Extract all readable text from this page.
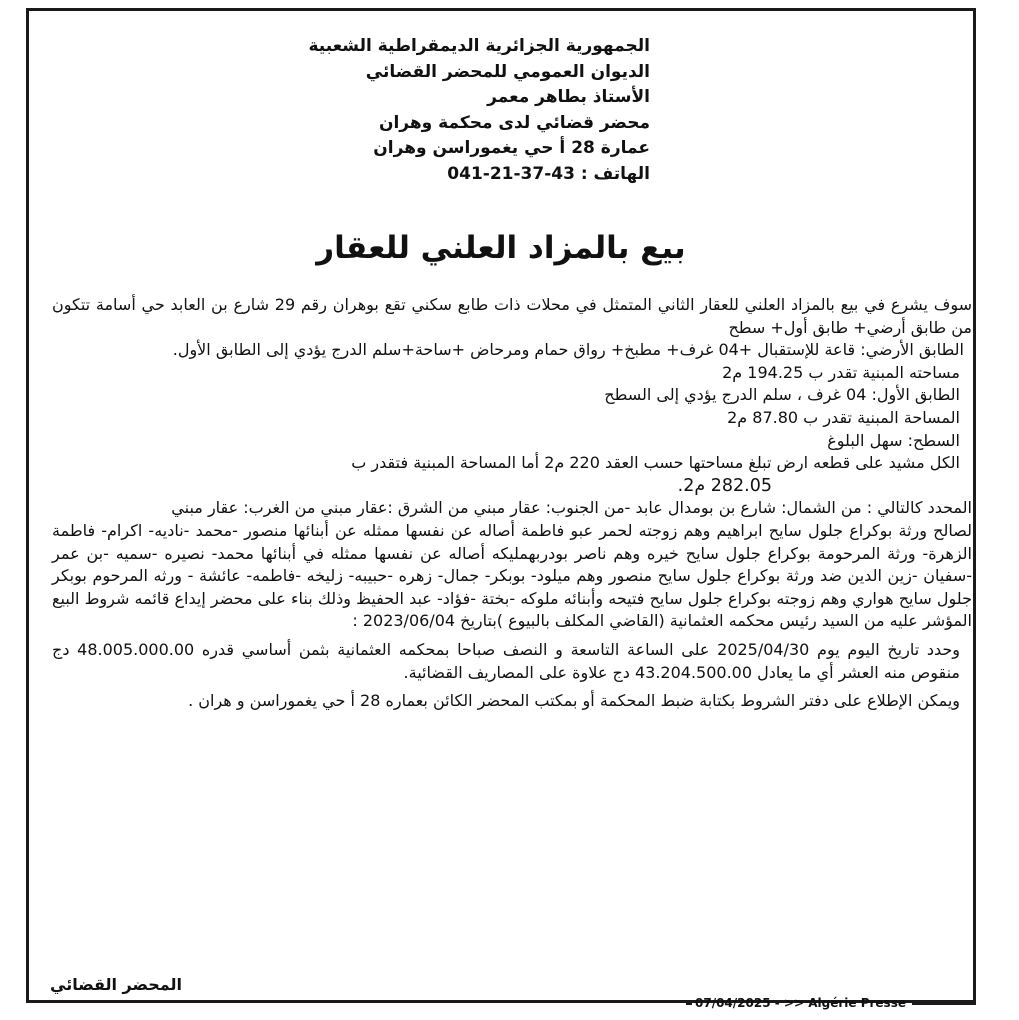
الجمهورية الجزائرية الديمقراطية الشعبية
الديوان العمومي للمحضر القضائي
الأستاذ بطاهر معمر
محضر قضائي لدى محكمة وهران
عمارة 28 أ حي يغموراسن وهران
الهاتف : 041-21-37-43
بيع بالمزاد العلني للعقار

سوف يشرع في بيع بالمزاد العلني للعقار الثاني المتمثل في محلات ذات طابع سكني تقع بوهران رقم 29 شارع بن العابد حي أسامة تتكون من طابق أرضي+ طابق أول+ سطح

الطابق الأرضي: قاعة للإستقبال +04 غرف+ مطبخ+ رواق حمام ومرحاض +ساحة+سلم الدرج يؤدي إلى الطابق الأول.

مساحته المبنية تقدر ب 194.25 م2

الطابق الأول: 04 غرف ، سلم الدرج يؤدي إلى السطح

المساحة المبنية تقدر ب 87.80 م2

السطح: سهل البلوغ

الكل مشيد على قطعه ارض تبلغ مساحتها حسب العقد 220 م2 أما المساحة المبنية فتقدر ب

282.05 م2.

المحدد كالتالي : من الشمال: شارع بن بومدال عابد -من الجنوب: عقار مبني من الشرق :عقار مبني من الغرب: عقار مبني

لصالح ورثة بوكراع جلول سايح ابراهيم وهم زوجته لحمر عبو فاطمة أصاله عن نفسها ممثله عن أبنائها منصور -محمد -ناديه- اكرام- فاطمة الزهرة- ورثة المرحومة بوكراع جلول سايح خيره وهم ناصر بودربهمليكه أصاله عن نفسها ممثله في أبنائها محمد- نصيره -سميه -بن عمر -سفيان -زين الدين ضد ورثة بوكراع جلول سايح منصور وهم ميلود- بوبكر- جمال- زهره -حبيبه- زليخه -فاطمه- عائشة - ورثه المرحوم بوبكر جلول سايح هواري وهم زوجته بوكراع جلول سايح فتيحه وأبنائه ملوكه -بختة -فؤاد- عبد الحفيظ وذلك بناء على محضر إيداع قائمه شروط البيع المؤشر عليه من السيد رئيس محكمه العثمانية (القاضي المكلف بالبيوع )بتاريخ 2023/06/04 :

وحدد تاريخ اليوم يوم 2025/04/30 على الساعة التاسعة و النصف صباحا بمحكمه العثمانية بثمن أساسي قدره 48.005.000.00 دج منقوص منه العشر أي ما يعادل 43.204.500.00 دج علاوة على المصاريف القضائية.

ويمكن الإطلاع على دفتر الشروط بكتابة ضبط المحكمة أو بمكتب المحضر الكائن بعماره 28 أ حي يغموراسن و هران .

المحضر القضائي
07/04/2025
- >>
Algérie Presse
